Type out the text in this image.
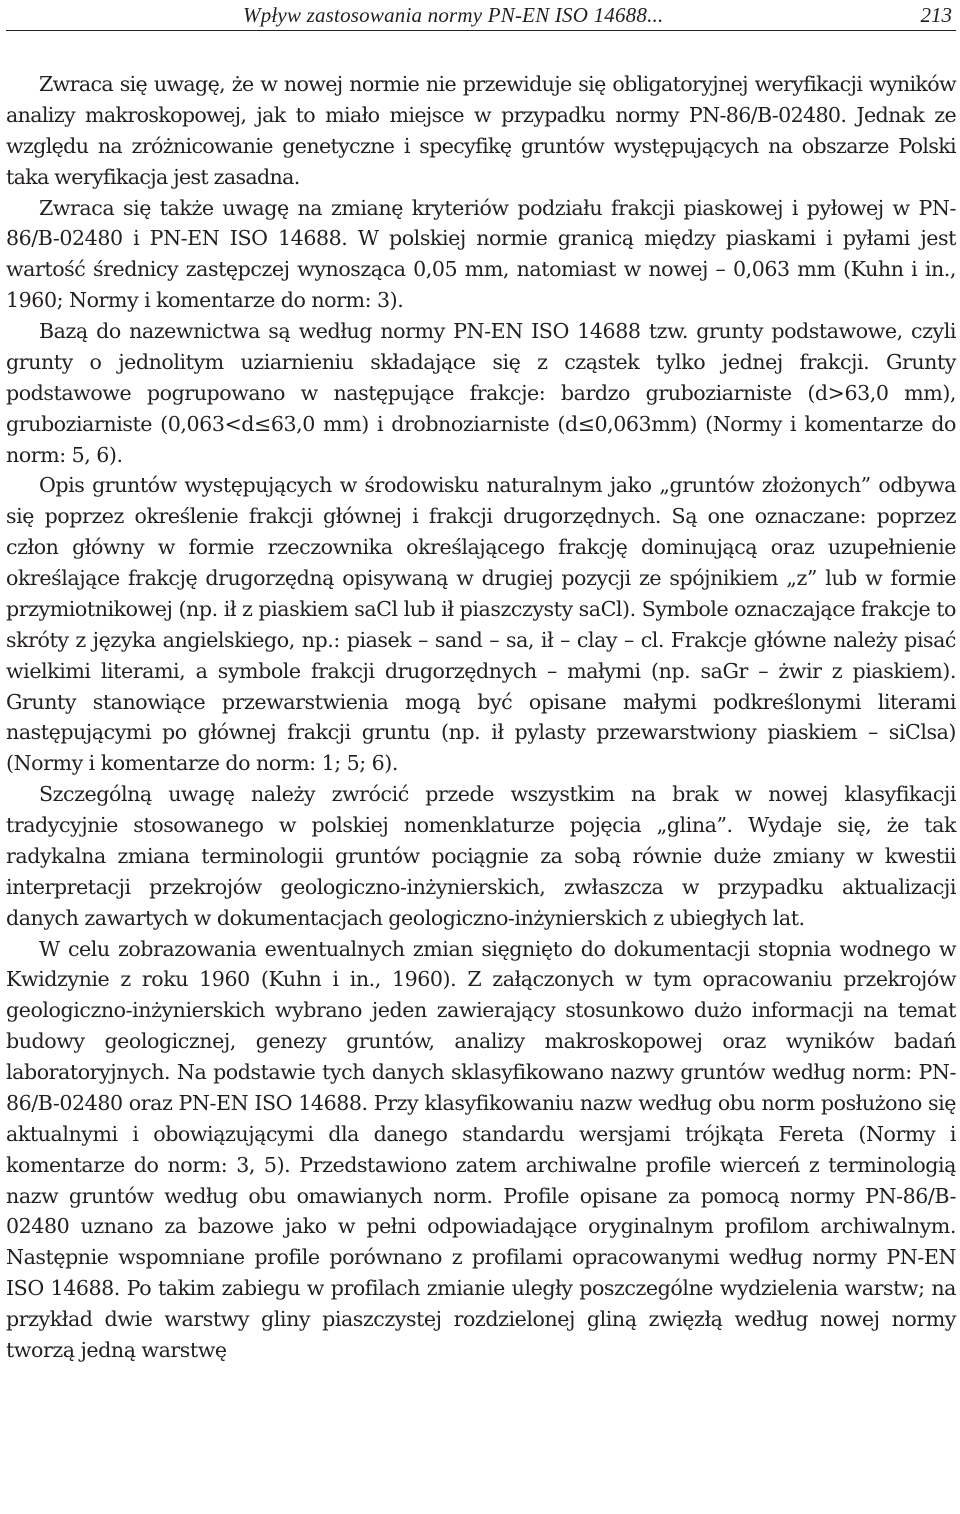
Wpływ zastosowania normy PN-EN ISO 14688...	213

Zwraca się uwagę, że w nowej normie nie przewiduje się obligatoryjnej weryfikacji wyników analizy makroskopowej, jak to miało miejsce w przypadku normy PN-86/B-02480. Jednak ze względu na zróżnicowanie genetyczne i specyfikę gruntów występujących na obszarze Polski taka weryfikacja jest zasadna.

Zwraca się także uwagę na zmianę kryteriów podziału frakcji piaskowej i pyłowej w PN-86/B-02480 i PN-EN ISO 14688. W polskiej normie granicą między piaskami i pyłami jest wartość średnicy zastępczej wynosząca 0,05 mm, natomiast w nowej – 0,063 mm (Kuhn i in., 1960; Normy i komentarze do norm: 3).

Bazą do nazewnictwa są według normy PN-EN ISO 14688 tzw. grunty podstawowe, czyli grunty o jednolitym uziarnieniu składające się z cząstek tylko jednej frakcji. Grunty podstawowe pogrupowano w następujące frakcje: bardzo gruboziarniste (d>63,0 mm), gruboziarniste (0,063<d≤63,0 mm) i drobnoziarniste (d≤0,063mm) (Normy i komentarze do norm: 5, 6).

Opis gruntów występujących w środowisku naturalnym jako „gruntów złożonych” odbywa się poprzez określenie frakcji głównej i frakcji drugorzędnych. Są one oznaczane: poprzez człon główny w formie rzeczownika określającego frakcję dominującą oraz uzupełnienie określające frakcję drugorzędną opisywaną w drugiej pozycji ze spójnikiem „z” lub w formie przymiotnikowej (np. ił z piaskiem saCl lub ił piaszczysty saCl). Symbole oznaczające frakcje to skróty z języka angielskiego, np.: piasek – sand – sa, ił – clay – cl. Frakcje główne należy pisać wielkimi literami, a symbole frakcji drugorzędnych – małymi (np. saGr – żwir z piaskiem). Grunty stanowiące przewarstwienia mogą być opisane małymi podkreślonymi literami następującymi po głównej frakcji gruntu (np. ił pylasty przewarstwiony piaskiem – siClsa) (Normy i komentarze do norm: 1; 5; 6).

Szczególną uwagę należy zwrócić przede wszystkim na brak w nowej klasyfikacji tradycyjnie stosowanego w polskiej nomenklaturze pojęcia „glina”. Wydaje się, że tak radykalna zmiana terminologii gruntów pociągnie za sobą równie duże zmiany w kwestii interpretacji przekrojów geologiczno-inżynierskich, zwłaszcza w przypadku aktualizacji danych zawartych w dokumentacjach geologiczno-inżynierskich z ubiegłych lat.

W celu zobrazowania ewentualnych zmian sięgnięto do dokumentacji stopnia wodnego w Kwidzynie z roku 1960 (Kuhn i in., 1960). Z załączonych w tym opracowaniu przekrojów geologiczno-inżynierskich wybrano jeden zawierający stosunkowo dużo informacji na temat budowy geologicznej, genezy gruntów, analizy makroskopowej oraz wyników badań laboratoryjnych. Na podstawie tych danych sklasyfikowano nazwy gruntów według norm: PN-86/B-02480 oraz PN-EN ISO 14688. Przy klasyfikowaniu nazw według obu norm posłużono się aktualnymi i obowiązującymi dla danego standardu wersjami trójkąta Fereta (Normy i komentarze do norm: 3, 5). Przedstawiono zatem archiwalne profile wierceń z terminologią nazw gruntów według obu omawianych norm. Profile opisane za pomocą normy PN-86/B-02480 uznano za bazowe jako w pełni odpowiadające oryginalnym profilom archiwalnym. Następnie wspomniane profile porównano z profilami opracowanymi według normy PN-EN ISO 14688. Po takim zabiegu w profilach zmianie uległy poszczególne wydzielenia warstw; na przykład dwie warstwy gliny piaszczystej rozdzielonej gliną zwięzłą według nowej normy tworzą jedną warstwę
